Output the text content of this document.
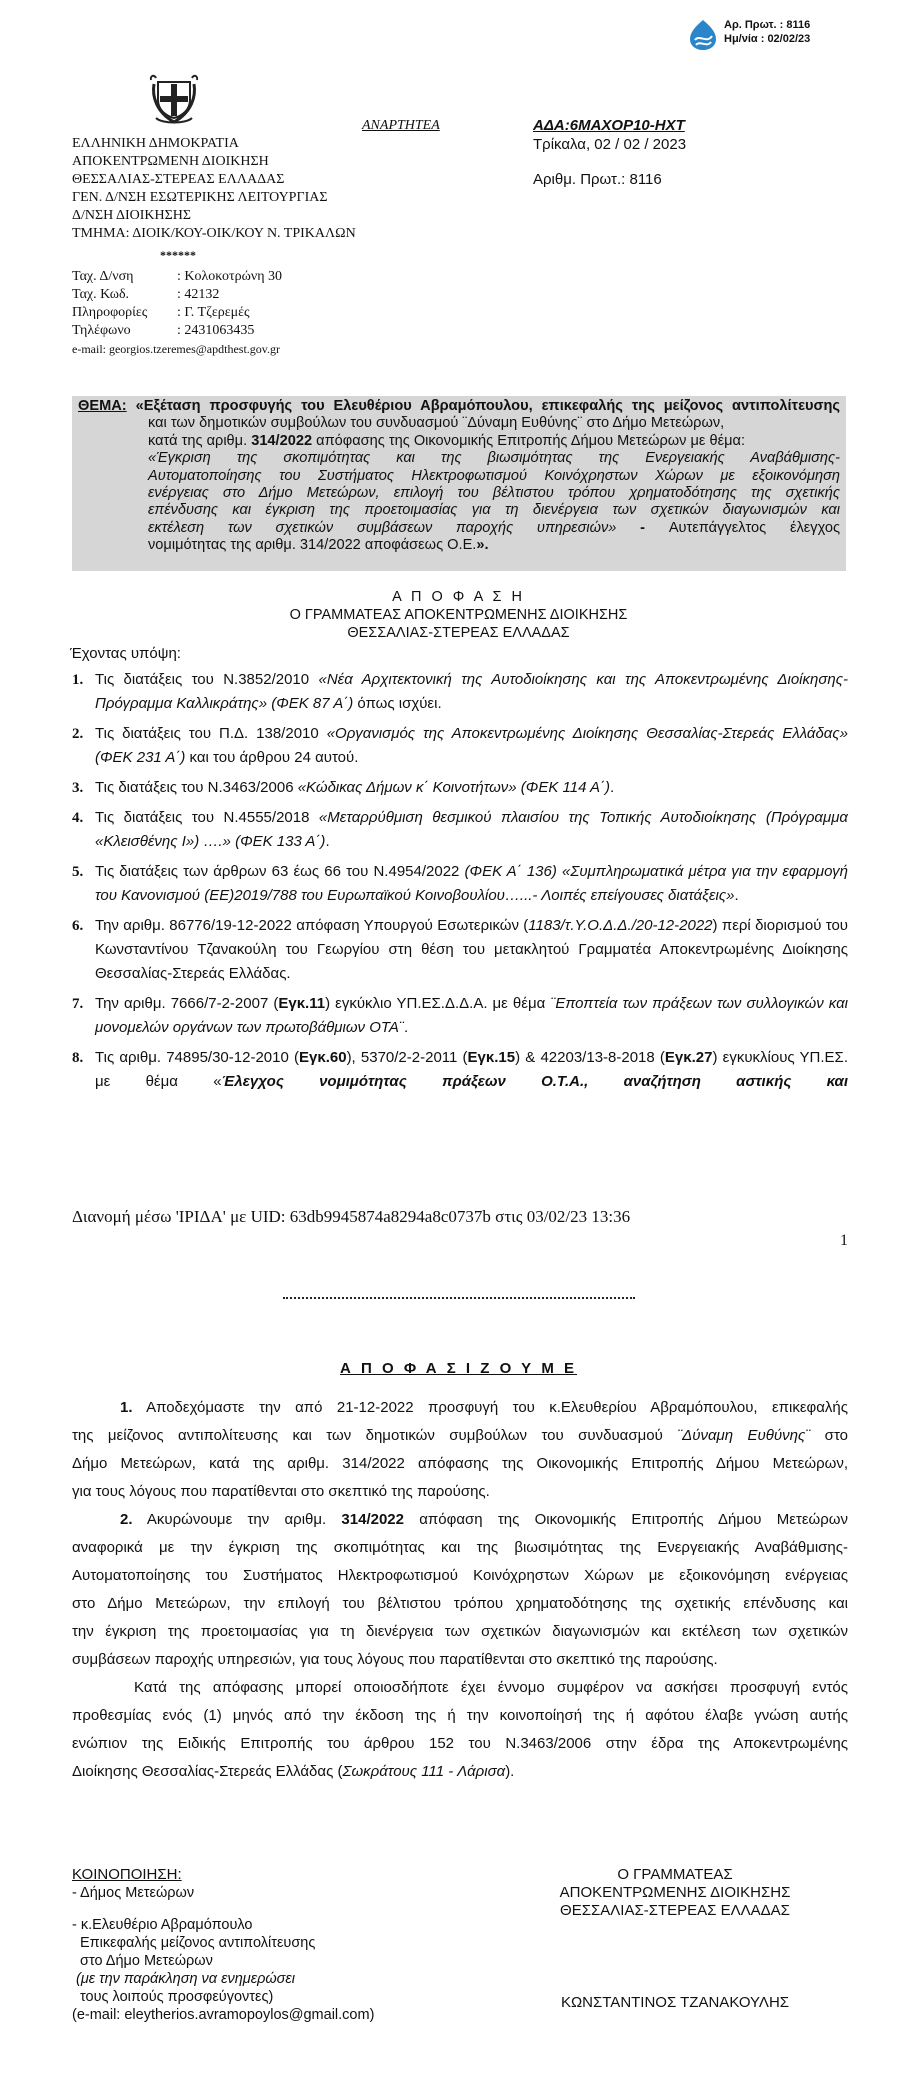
Αρ. Πρωτ. : 8116
Ημ/νία : 02/02/23
ΑΝΑΡΤΗΤΕΑ	ΑΔΑ:6ΜΑΧΟΡ10-ΗΧΤ
Τρίκαλα, 02 / 02 / 2023
Αριθμ. Πρωτ.: 8116
ΕΛΛΗΝΙΚΗ ΔΗΜΟΚΡΑΤΙΑ
ΑΠΟΚΕΝΤΡΩΜΕΝΗ ΔΙΟΙΚΗΣΗ
ΘΕΣΣΑΛΙΑΣ-ΣΤΕΡΕΑΣ ΕΛΛΑΔΑΣ
ΓΕΝ. Δ/ΝΣΗ ΕΣΩΤΕΡΙΚΗΣ ΛΕΙΤΟΥΡΓΙΑΣ
Δ/ΝΣΗ ΔΙΟΙΚΗΣΗΣ
ΤΜΗΜΑ: ΔΙΟΙΚ/ΚΟΥ-ΟΙΚ/ΚΟΥ Ν. ΤΡΙΚΑΛΩΝ
******
Ταχ. Δ/νση	: Κολοκοτρώνη 30
Ταχ. Κωδ.	: 42132
Πληροφορίες	: Γ. Τζερεμές
Τηλέφωνο	: 2431063435
e-mail: georgios.tzeremes@apdthest.gov.gr
ΘΕΜΑ: «Εξέταση προσφυγής του Ελευθέριου Αβραμόπουλου, επικεφαλής της μείζονος αντιπολίτευσης
και των δημοτικών συμβούλων του συνδυασμού ¨Δύναμη Ευθύνης¨ στο Δήμο Μετεώρων,
κατά της αριθμ. 314/2022 απόφασης της Οικονομικής Επιτροπής Δήμου Μετεώρων με θέμα:
«Έγκριση της σκοπιμότητας και της βιωσιμότητας της Ενεργειακής Αναβάθμισης-
Αυτοματοποίησης του Συστήματος Ηλεκτροφωτισμού Κοινόχρηστων Χώρων με εξοικονόμηση
ενέργειας στο Δήμο Μετεώρων, επιλογή του βέλτιστου τρόπου χρηματοδότησης της σχετικής
επένδυσης και έγκριση της προετοιμασίας για τη διενέργεια των σχετικών διαγωνισμών και
εκτέλεση των σχετικών συμβάσεων παροχής υπηρεσιών» - Αυτεπάγγελτος έλεγχος
νομιμότητας της αριθμ. 314/2022 αποφάσεως Ο.Ε.».
Α Π Ο Φ Α Σ Η
Ο ΓΡΑΜΜΑΤΕΑΣ ΑΠΟΚΕΝΤΡΩΜΕΝΗΣ ΔΙΟΙΚΗΣΗΣ
ΘΕΣΣΑΛΙΑΣ-ΣΤΕΡΕΑΣ ΕΛΛΑΔΑΣ
Έχοντας υπόψη:
1. Τις διατάξεις του Ν.3852/2010 «Νέα Αρχιτεκτονική της Αυτοδιοίκησης και της Αποκεντρωμένης Διοίκησης-Πρόγραμμα Καλλικράτης» (ΦΕΚ 87 Α΄) όπως ισχύει.
2. Τις διατάξεις του Π.Δ. 138/2010 «Οργανισμός της Αποκεντρωμένης Διοίκησης Θεσσαλίας-Στερεάς Ελλάδας» (ΦΕΚ 231 Α΄) και του άρθρου 24 αυτού.
3. Τις διατάξεις του Ν.3463/2006 «Κώδικας Δήμων κ΄ Κοινοτήτων» (ΦΕΚ 114 Α΄).
4. Τις διατάξεις του Ν.4555/2018 «Μεταρρύθμιση θεσμικού πλαισίου της Τοπικής Αυτοδιοίκησης (Πρόγραμμα «Κλεισθένης Ι») ….» (ΦΕΚ 133 Α΄).
5. Τις διατάξεις των άρθρων 63 έως 66 του Ν.4954/2022 (ΦΕΚ Α΄ 136) «Συμπληρωματικά μέτρα για την εφαρμογή του Κανονισμού (ΕΕ)2019/788 του Ευρωπαϊκού Κοινοβουλίου…...- Λοιπές επείγουσες διατάξεις».
6. Την αριθμ. 86776/19-12-2022 απόφαση Υπουργού Εσωτερικών (1183/τ.Υ.Ο.Δ.Δ./20-12-2022) περί διορισμού του Κωνσταντίνου Τζανακούλη του Γεωργίου στη θέση του μετακλητού Γραμματέα Αποκεντρωμένης Διοίκησης Θεσσαλίας-Στερεάς Ελλάδας.
7. Την αριθμ. 7666/7-2-2007 (Εγκ.11) εγκύκλιο ΥΠ.ΕΣ.Δ.Δ.Α. με θέμα ¨Εποπτεία των πράξεων των συλλογικών και μονομελών οργάνων των πρωτοβάθμιων ΟΤΑ¨.
8. Τις αριθμ. 74895/30-12-2010 (Εγκ.60), 5370/2-2-2011 (Εγκ.15) & 42203/13-8-2018 (Εγκ.27) εγκυκλίους ΥΠ.ΕΣ. με θέμα «Έλεγχος νομιμότητας πράξεων Ο.Τ.Α., αναζήτηση αστικής και
Διανομή μέσω 'ΙΡΙΔΑ' με UID: 63db9945874a8294a8c0737b στις 03/02/23 13:36
1
Α Π Ο Φ Α Σ Ι Ζ Ο Υ Μ Ε
1. Αποδεχόμαστε την από 21-12-2022 προσφυγή του κ.Ελευθερίου Αβραμόπουλου, επικεφαλής
της μείζονος αντιπολίτευσης και των δημοτικών συμβούλων του συνδυασμού ¨Δύναμη Ευθύνης¨ στο
Δήμο Μετεώρων, κατά της αριθμ. 314/2022 απόφασης της Οικονομικής Επιτροπής Δήμου Μετεώρων,
για τους λόγους που παρατίθενται στο σκεπτικό της παρούσης.
2. Ακυρώνουμε την αριθμ. 314/2022 απόφαση της Οικονομικής Επιτροπής Δήμου Μετεώρων
αναφορικά με την έγκριση της σκοπιμότητας και της βιωσιμότητας της Ενεργειακής Αναβάθμισης-
Αυτοματοποίησης του Συστήματος Ηλεκτροφωτισμού Κοινόχρηστων Χώρων με εξοικονόμηση ενέργειας
στο Δήμο Μετεώρων, την επιλογή του βέλτιστου τρόπου χρηματοδότησης της σχετικής επένδυσης και
την έγκριση της προετοιμασίας για τη διενέργεια των σχετικών διαγωνισμών και εκτέλεση των σχετικών
συμβάσεων παροχής υπηρεσιών, για τους λόγους που παρατίθενται στο σκεπτικό της παρούσης.
Κατά της απόφασης μπορεί οποιοσδήποτε έχει έννομο συμφέρον να ασκήσει προσφυγή εντός
προθεσμίας ενός (1) μηνός από την έκδοση της ή την κοινοποίησή της ή αφότου έλαβε γνώση αυτής
ενώπιον της Ειδικής Επιτροπής του άρθρου 152 του Ν.3463/2006 στην έδρα της Αποκεντρωμένης
Διοίκησης Θεσσαλίας-Στερεάς Ελλάδας (Σωκράτους 111 - Λάρισα).
ΚΟΙΝΟΠΟΙΗΣΗ:
- Δήμος Μετεώρων
- κ.Ελευθέριο Αβραμόπουλο
Επικεφαλής μείζονος αντιπολίτευσης
στο Δήμο Μετεώρων
(με την παράκληση να ενημερώσει
τους λοιπούς προσφεύγοντες)
(e-mail: eleytherios.avramopoylos@gmail.com)
Ο ΓΡΑΜΜΑΤΕΑΣ
ΑΠΟΚΕΝΤΡΩΜΕΝΗΣ ΔΙΟΙΚΗΣΗΣ
ΘΕΣΣΑΛΙΑΣ-ΣΤΕΡΕΑΣ ΕΛΛΑΔΑΣ
ΚΩΝΣΤΑΝΤΙΝΟΣ ΤΖΑΝΑΚΟΥΛΗΣ
